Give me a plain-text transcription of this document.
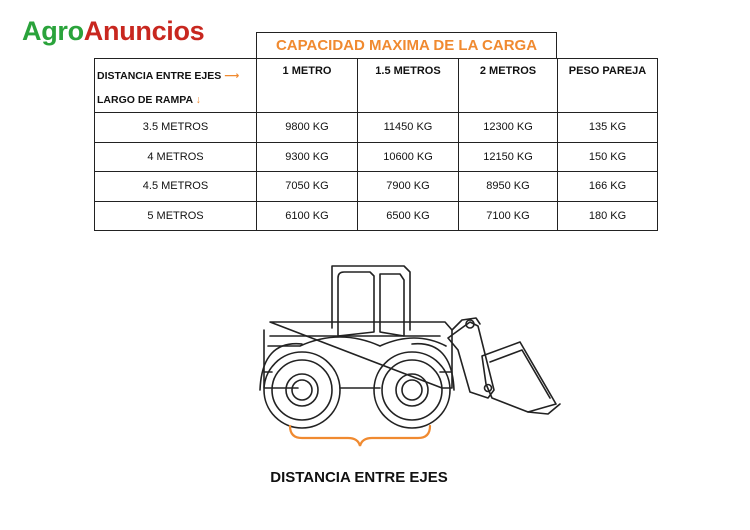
AgroAnuncios	CAPACIDAD MAXIMA DE LA CARGA
DISTANCIA ENTRE EJES ⟶
LARGO DE RAMPA ↓	1 METRO	1.5 METROS	2 METROS	PESO PAREJA
3.5 METROS	9800 KG	11450 KG	12300 KG	135 KG
4 METROS	9300 KG	10600 KG	12150 KG	150 KG
4.5 METROS	7050 KG	7900 KG	8950 KG	166 KG
5 METROS	6100 KG	6500 KG	7100 KG	180 KG
DISTANCIA ENTRE EJES
